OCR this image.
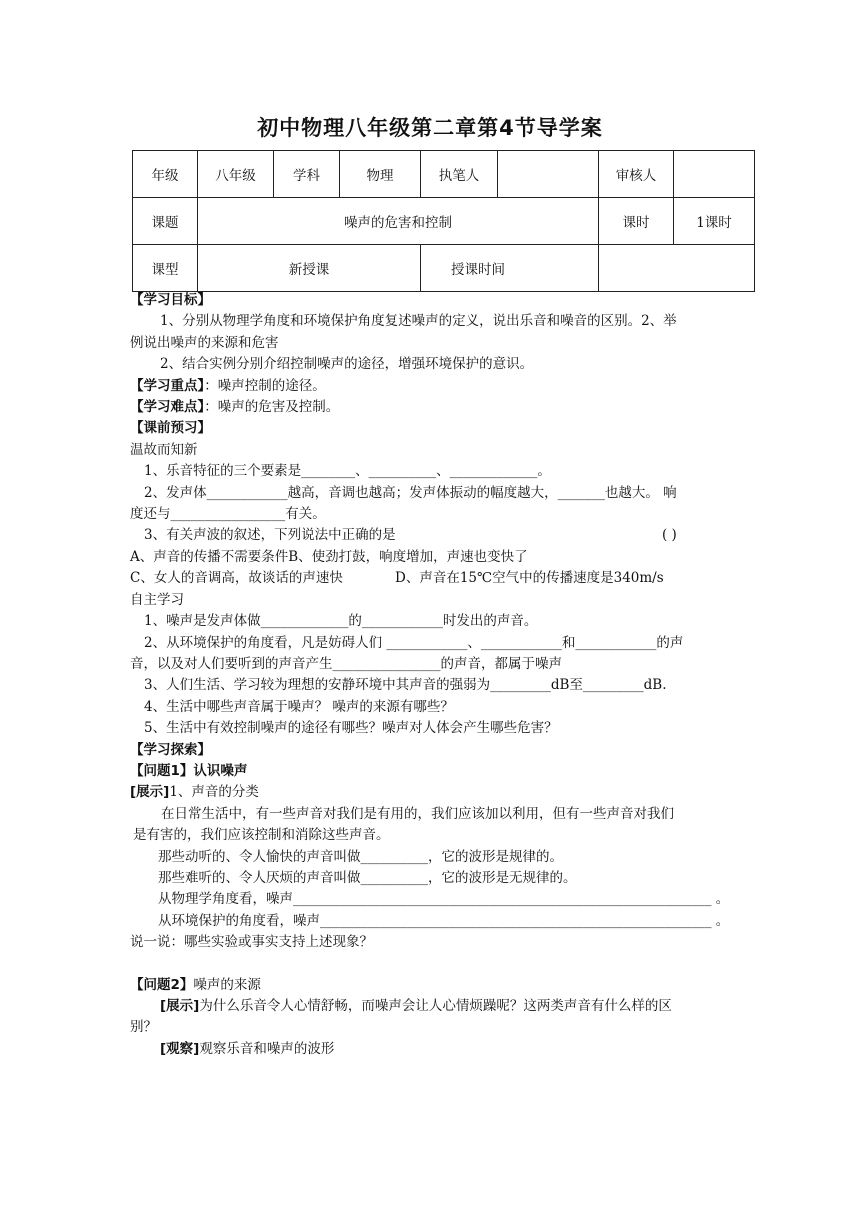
初中物理八年级第二章第4节导学案
年级	八年级	学科	物理	执笔人		审核人	
课题	噪声的危害和控制					课时	1课时
课型	新授课			授课时间			

【学习目标】

1、分别从物理学角度和环境保护角度复述噪声的定义，说出乐音和噪音的区别。2、举

例说出噪声的来源和危害

2、结合实例分别介绍控制噪声的途径，增强环境保护的意识。

【学习重点】：噪声控制的途径。

【学习难点】：噪声的危害及控制。

【课前预习】

温故而知新

1、乐音特征的三个要素是________、__________、_____________。

2、发声体____________越高，音调也越高；发声体振动的幅度越大，_______也越大。 响

度还与_________________有关。

3、有关声波的叙述，下列说法中正确的是	( )

A、声音的传播不需要条件B、使劲打鼓，响度增加，声速也变快了

C、女人的音调高，故谈话的声速快	D、声音在15℃空气中的传播速度是340m/s

自主学习

1、噪声是发声体做_____________的____________时发出的声音。

2、从环境保护的角度看，凡是妨碍人们 ____________、____________和____________的声

音，以及对人们要听到的声音产生________________的声音，都属于噪声

3、人们生活、学习较为理想的安静环境中其声音的强弱为_________dB至_________dB.

4、生活中哪些声音属于噪声？ 噪声的来源有哪些？

5、生活中有效控制噪声的途径有哪些？噪声对人体会产生哪些危害？

【学习探索】

【问题1】认识噪声

[展示]1、声音的分类

在日常生活中，有一些声音对我们是有用的，我们应该加以利用，但有一些声音对我们

是有害的，我们应该控制和消除这些声音。

那些动听的、令人愉快的声音叫做__________，它的波形是规律的。

那些难听的、令人厌烦的声音叫做__________，它的波形是无规律的。

从物理学角度看，噪声______________________________________________________________ 。

从环境保护的角度看，噪声__________________________________________________________ 。

说一说：哪些实验或事实支持上述现象？

【问题2】噪声的来源

[展示]为什么乐音令人心情舒畅，而噪声会让人心情烦躁呢？这两类声音有什么样的区

别？

[观察]观察乐音和噪声的波形
